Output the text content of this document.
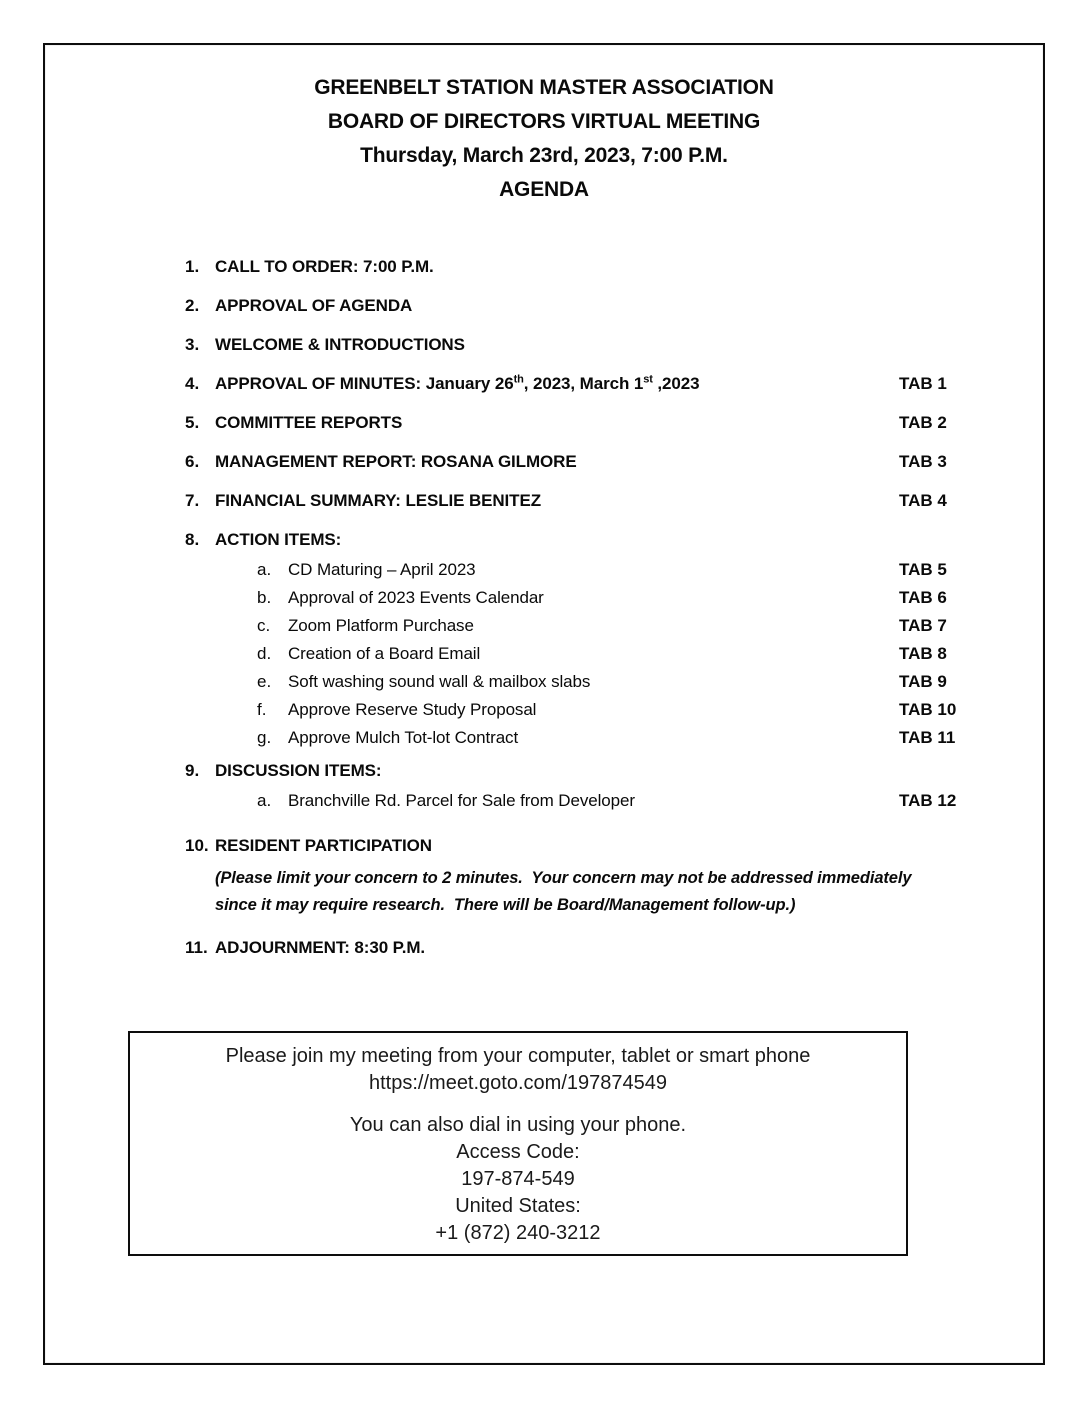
GREENBELT STATION MASTER ASSOCIATION
BOARD OF DIRECTORS VIRTUAL MEETING
Thursday, March 23rd, 2023, 7:00 P.M.
AGENDA
1. CALL TO ORDER: 7:00 P.M.
2. APPROVAL OF AGENDA
3. WELCOME & INTRODUCTIONS
4. APPROVAL OF MINUTES: January 26th, 2023, March 1st ,2023	TAB 1
5. COMMITTEE REPORTS	TAB 2
6. MANAGEMENT REPORT: ROSANA GILMORE	TAB 3
7. FINANCIAL SUMMARY: LESLIE BENITEZ	TAB 4
8. ACTION ITEMS:
a. CD Maturing – April 2023	TAB 5
b. Approval of 2023 Events Calendar	TAB 6
c.	Zoom Platform Purchase	TAB 7
d. Creation of a Board Email	TAB 8
e. Soft washing sound wall & mailbox slabs	TAB 9
f.	Approve Reserve Study Proposal	TAB 10
g. Approve Mulch Tot-lot Contract	TAB 11
9. DISCUSSION ITEMS:
a. Branchville Rd. Parcel for Sale from Developer	TAB 12
10. RESIDENT PARTICIPATION
(Please limit your concern to 2 minutes.  Your concern may not be addressed immediately
since it may require research.  There will be Board/Management follow-up.)
11. ADJOURNMENT: 8:30 P.M.
Please join my meeting from your computer, tablet or smart phone
https://meet.goto.com/197874549
You can also dial in using your phone.
Access Code:
197-874-549
United States:
+1 (872) 240-3212
